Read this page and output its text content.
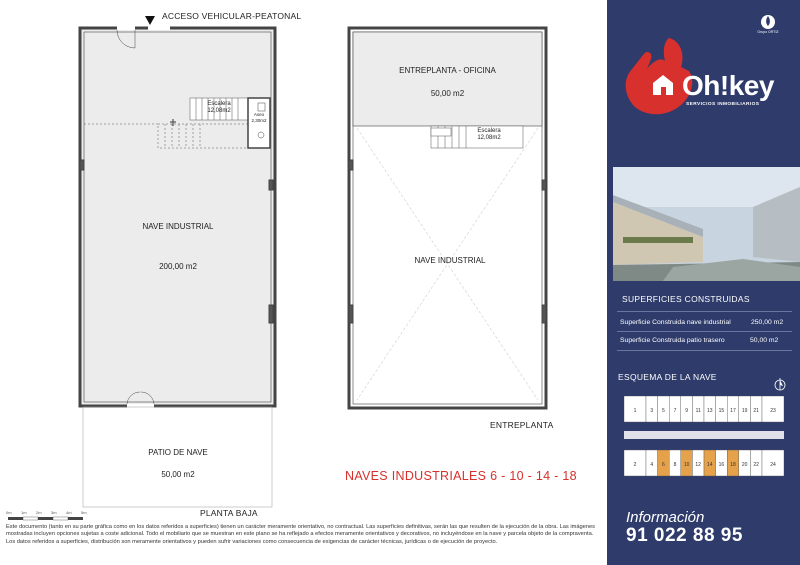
ACCESO VEHICULAR-PEATONAL
Escalera
12,08m2
Aseo
2,30m2
NAVE INDUSTRIAL
200,00 m2
PATIO DE NAVE
50,00 m2
PLANTA BAJA
0m 1m 2m 3m 4m 5m
ENTREPLANTA - OFICINA
50,00 m2
Escalera
12,08m2
NAVE INDUSTRIAL
ENTREPLANTA
NAVES INDUSTRIALES 6 - 10 - 14 - 18
Este documento (tanto en su parte gráfica como en los datos referidos a superficies) tienen un carácter meramente orientativo, no contractual. Las superficies definitivas, serán las que resulten de la ejecución de la obra. Las imágenes mostradas incluyen opciones sujetas a coste adicional. Todo el mobiliario que se muestran en este plano se ha reflejado a efectos meramente orientativos y decorativos, no incluyéndose en la nave y parcela objeto de la compraventa. Los datos referidos a superficies, distribución son meramente orientativos y pueden sufrir variaciones como consecuencia de exigencias de carácter técnicas, jurídicas o de ejecución de proyecto.
Grupo ORTIZ
Oh!key
SERVICIOS INMOBILIARIOS
SUPERFICIES CONSTRUIDAS
Superficie Construida nave industrial	250,00 m2
Superficie Construida patio trasero	50,00 m2
ESQUEMA DE LA NAVE
1	3 5 7 9 11 13 15 17 19 21 23
2	4 6 8 10 12 14 16 18 20 22 24
Información
91 022 88 95
